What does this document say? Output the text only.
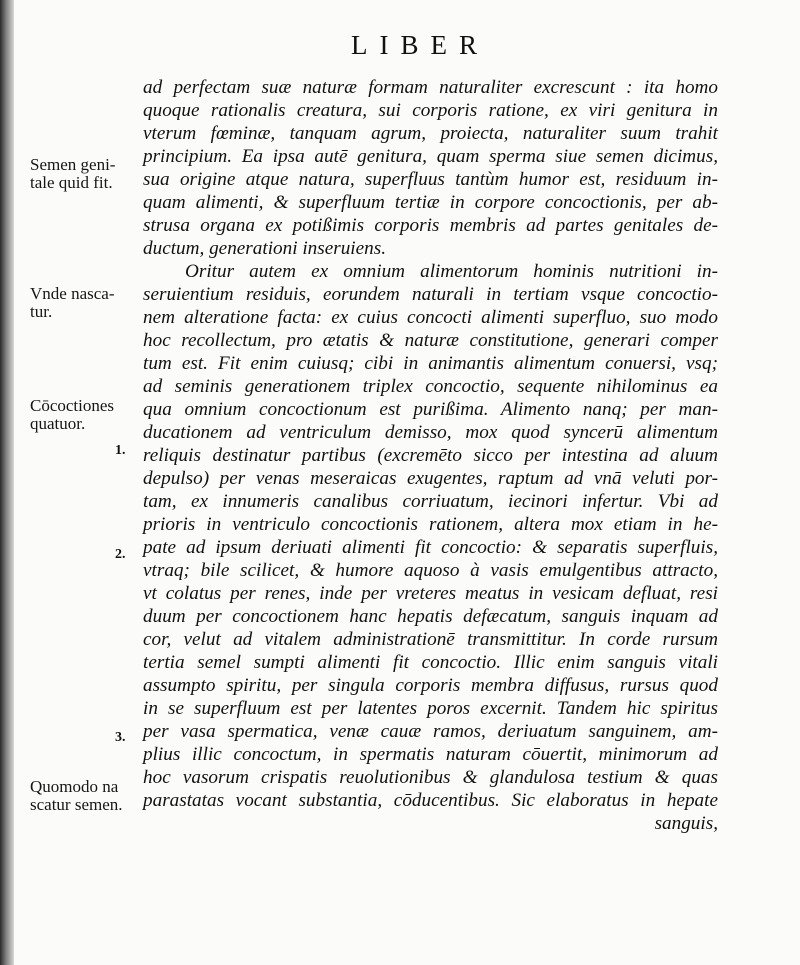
LIBER
ad perfectam suæ naturæ formam naturaliter excrescunt : ita homo
quoque rationalis creatura, sui corporis ratione, ex viri genitura in
vterum fœminæ, tanquam agrum, proiecta, naturaliter suum trahit
principium. Ea ipsa autē genitura, quam sperma siue semen dicimus,
sua origine atque natura, superfluus tantùm humor est, residuum in-
quam alimenti, & superfluum tertiæ in corpore concoctionis, per ab-
strusa organa ex potißimis corporis membris ad partes genitales de-
ductum, generationi inseruiens.
Oritur autem ex omnium alimentorum hominis nutritioni in-
seruientium residuis, eorundem naturali in tertiam vsque concoctio-
nem alteratione facta: ex cuius concocti alimenti superfluo, suo modo
hoc recollectum, pro ætatis & naturæ constitutione, generari comper
tum est. Fit enim cuiusq; cibi in animantis alimentum conuersi, vsq;
ad seminis generationem triplex concoctio, sequente nihilominus ea
qua omnium concoctionum est purißima. Alimento nanq; per man-
ducationem ad ventriculum demisso, mox quod syncerū alimentum
reliquis destinatur partibus (excremēto sicco per intestina ad aluum
depulso) per venas meseraicas exugentes, raptum ad vnā veluti por-
tam, ex innumeris canalibus corriuatum, iecinori infertur. Vbi ad
prioris in ventriculo concoctionis rationem, altera mox etiam in he-
pate ad ipsum deriuati alimenti fit concoctio: & separatis superfluis,
vtraq; bile scilicet, & humore aquoso à vasis emulgentibus attracto,
vt colatus per renes, inde per vreteres meatus in vesicam defluat, resi
duum per concoctionem hanc hepatis defæcatum, sanguis inquam ad
cor, velut ad vitalem administrationē transmittitur. In corde rursum
tertia semel sumpti alimenti fit concoctio. Illic enim sanguis vitali
assumpto spiritu, per singula corporis membra diffusus, rursus quod
in se superfluum est per latentes poros excernit. Tandem hic spiritus
per vasa spermatica, venæ cauæ ramos, deriuatum sanguinem, am-
plius illic concoctum, in spermatis naturam cōuertit, minimorum ad
hoc vasorum crispatis reuolutionibus & glandulosa testium & quas
parastatas vocant substantia, cōducentibus. Sic elaboratus in hepate
sanguis,
Semen geni-
tale quid fit.
Vnde nasca-
tur.
Cōcoctiones
quatuor.
Quomodo na
scatur semen.
1.
2.
3.
